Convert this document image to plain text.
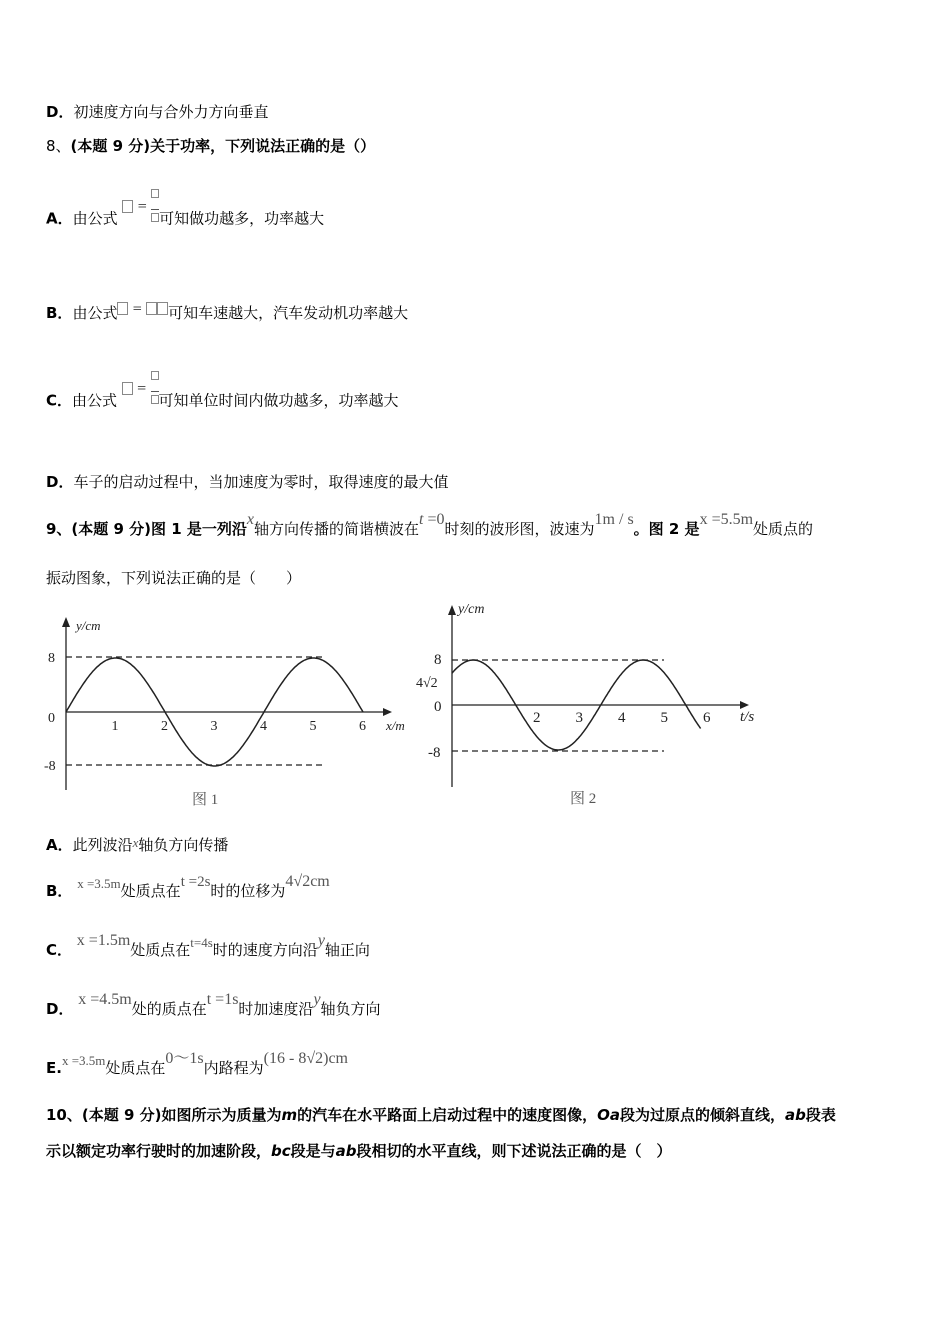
D．初速度方向与合外力方向垂直
8、(本题 9 分)关于功率，下列说法正确的是（）
A．由公式  =

可知做功越多，功率越大
B．由公式 = 可知车速越大，汽车发动机功率越大
C．由公式  =

可知单位时间内做功越多，功率越大
D．车子的启动过程中，当加速度为零时，取得速度的最大值
9、(本题 9 分)图 1 是一列沿x轴方向传播的简谐横波在t =0时刻的波形图，波速为1m / s。图 2 是x =5.5m处质点的
振动图象，下列说法正确的是（　　）
y/cm
x/m
8
0
-8
1	2	3	4	5	6
图 1
y/cm
t/s
8
4√2
0
-8
2 3 4 5 6
图 2
A．此列波沿x轴负方向传播
B． x =3.5m处质点在t =2s时的位移为4√2cm
C． x =1.5m处质点在t=4s时的速度方向沿y轴正向
D． x =4.5m处的质点在t =1s时加速度沿y轴负方向
E.x =3.5m处质点在0～1s内路程为(16 - 8√2)cm
10、(本题 9 分)如图所示为质量为m的汽车在水平路面上启动过程中的速度图像，Oa段为过原点的倾斜直线，ab段表
示以额定功率行驶时的加速阶段，bc段是与ab段相切的水平直线，则下述说法正确的是（　）
